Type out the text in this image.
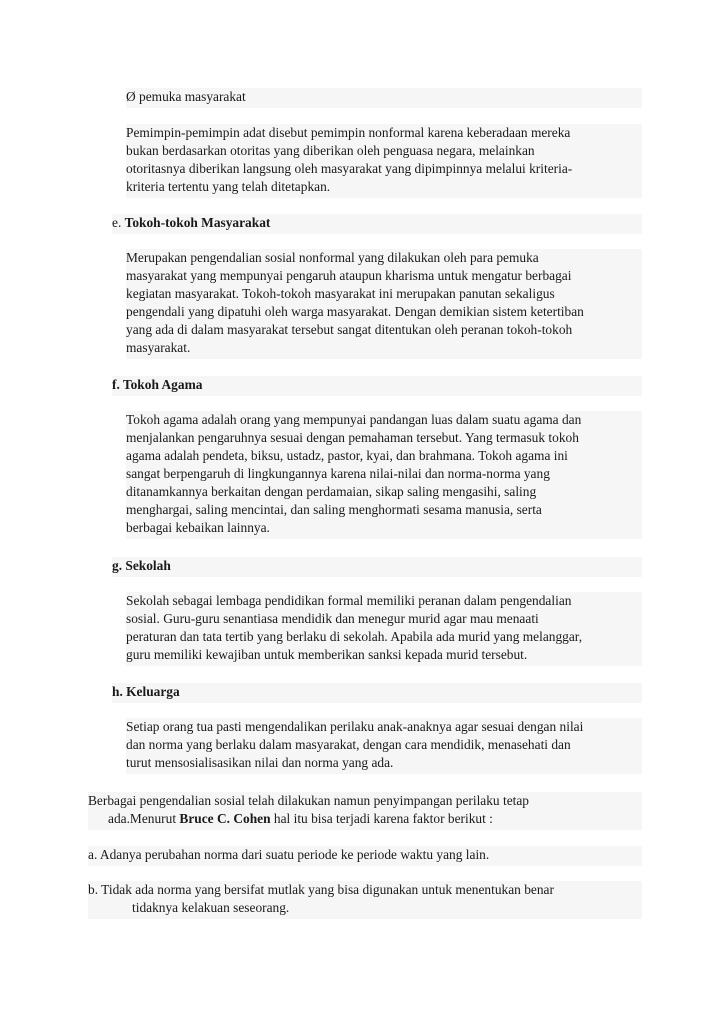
Ø pemuka masyarakat
Pemimpin-pemimpin adat disebut pemimpin nonformal karena keberadaan mereka
bukan berdasarkan otoritas yang diberikan oleh penguasa negara, melainkan
otoritasnya diberikan langsung oleh masyarakat yang dipimpinnya melalui kriteria-
kriteria tertentu yang telah ditetapkan.
e. Tokoh-tokoh Masyarakat
Merupakan pengendalian sosial nonformal yang dilakukan oleh para pemuka
masyarakat yang mempunyai pengaruh ataupun kharisma untuk mengatur berbagai
kegiatan masyarakat. Tokoh-tokoh masyarakat ini merupakan panutan sekaligus
pengendali yang dipatuhi oleh warga masyarakat. Dengan demikian sistem ketertiban
yang ada di dalam masyarakat tersebut sangat ditentukan oleh peranan tokoh-tokoh
masyarakat.
f. Tokoh Agama
Tokoh agama adalah orang yang mempunyai pandangan luas dalam suatu agama dan
menjalankan pengaruhnya sesuai dengan pemahaman tersebut. Yang termasuk tokoh
agama adalah pendeta, biksu, ustadz, pastor, kyai, dan brahmana. Tokoh agama ini
sangat berpengaruh di lingkungannya karena nilai-nilai dan norma-norma yang
ditanamkannya berkaitan dengan perdamaian, sikap saling mengasihi, saling
menghargai, saling mencintai, dan saling menghormati sesama manusia, serta
berbagai kebaikan lainnya.
g. Sekolah
Sekolah sebagai lembaga pendidikan formal memiliki peranan dalam pengendalian
sosial. Guru-guru senantiasa mendidik dan menegur murid agar mau menaati
peraturan dan tata tertib yang berlaku di sekolah. Apabila ada murid yang melanggar,
guru memiliki kewajiban untuk memberikan sanksi kepada murid tersebut.
h. Keluarga
Setiap orang tua pasti mengendalikan perilaku anak-anaknya agar sesuai dengan nilai
dan norma yang berlaku dalam masyarakat, dengan cara mendidik, menasehati dan
turut mensosialisasikan nilai dan norma yang ada.
Berbagai pengendalian sosial telah dilakukan namun penyimpangan perilaku tetap
ada.Menurut Bruce C. Cohen hal itu bisa terjadi karena faktor berikut :
a. Adanya perubahan norma dari suatu periode ke periode waktu yang lain.
b. Tidak ada norma yang bersifat mutlak yang bisa digunakan untuk menentukan benar
tidaknya kelakuan seseorang.
